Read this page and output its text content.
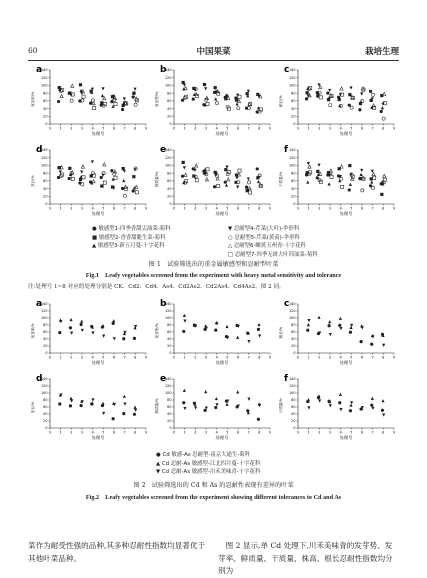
60	中国果菜	栽培生理
a
发芽率/%
140
120
100
80
60
40
20
0
0 1 2 3 4 5 6 7 8 9
处理号
b
发芽势/%
140
120
100
80
60
40
20
0
0 1 2 3 4 5 6 7 8 9
处理号
c
根长/%
140
120
100
80
60
40
20
0
0 1 2 3 4 5 6 7 8 9
处理号
d
茎长/%
140
120
100
80
60
40
20
0
0 1 2 3 4 5 6 7 8 9
处理号
e
鲜质量/%
140
120
100
80
60
40
20
0
0 1 2 3 4 5 6 7 8 9
处理号
f
干质量/%
140
120
100
80
60
40
20
0
0 1 2 3 4 5 6 7 8 9
处理号
● 敏感型1-四季香甜尖油菜-菊科
■ 敏感型2-香香甜脆生菜-菊科
▲ 敏感型3-新五月蔓-十字花科
▼ 忍耐型4-芹菜(大叶)-伞形科
○ 忍耐型5-芹菜(黄苗)-伞形科
△ 忍耐型6-螺黄五州青-十字花科
□ 忍耐型7-四季无斑大叶茴油菜-菊科
图 1　试验筛选出的重金属敏感型和忍耐型叶菜
Fig.1　Leafy vegetables screened from the experiment with heavy metal sensitivity and tolerance
注:处理号 1~8 对应的处理分别是 CK、Cd2、Cd4、As4、Cd2As2、Cd2As4、Cd4As2、图 2 同。
a
发芽率/%
140
120
100
80
60
40
20
0
0 1 2 3 4 5 6 7 8 9
处理号
b
发芽势/%
140
120
100
80
60
40
20
0
0 1 2 3 4 5 6 7 8 9
处理号
c
根长/%
140
120
100
80
60
40
20
0
0 1 2 3 4 5 6 7 8 9
处理号
d
茎长/%
140
120
100
80
60
40
20
0
0 1 2 3 4 5 6 7 8 9
处理号
e
鲜质量/%
140
120
100
80
60
40
20
0
0 1 2 3 4 5 6 7 8 9
处理号
f
干质量/%
140
120
100
80
60
40
20
0
0 1 2 3 4 5 6 7 8 9
处理号
● Cd 敏感-As 忍耐型-南京大通生-菊科
▲ Cd 忍耐-As 敏感型-江北四月蔓-十字花科
▼ Cd 忍耐-As 敏感型-川禾美味青-十字花科
图 2　试验筛选出的 Cd 和 As 的忍耐性表现有差异的叶菜
Fig.2　Leafy vegetables screened from the experiment showing different tolerances to Cd and As
菜作为耐受性强的品种,其多种忍耐性指数均显著优于
其他叶菜品种。
图 2 显示,单 Cd 处理下,川禾美味青的发芽势、发
芽率、鲜质量、干质量、株高、根长忍耐性指数均分别为
